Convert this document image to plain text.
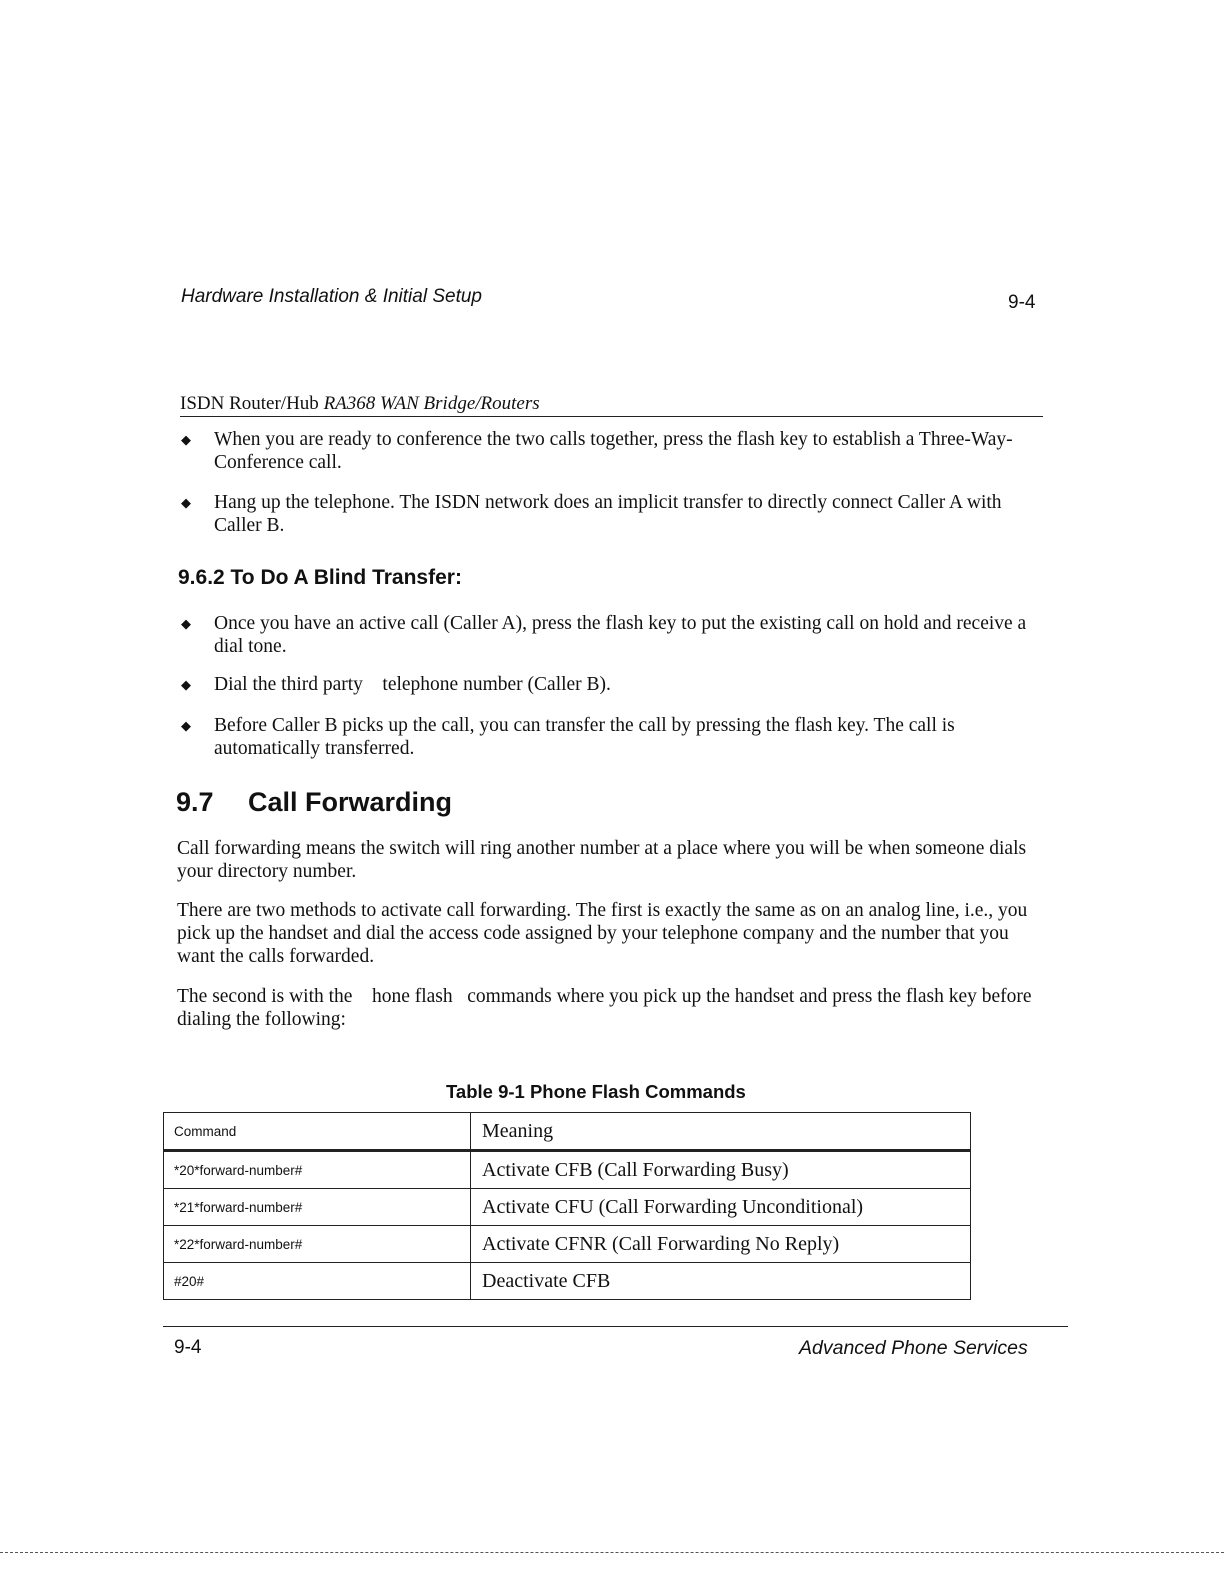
Hardware Installation & Initial Setup	9-4
ISDN Router/Hub RA368 WAN Bridge/Routers
◆	When you are ready to conference the two calls together, press the flash key to establish a Three-Way-Conference call.
◆	Hang up the telephone. The ISDN network does an implicit transfer to directly connect Caller A with Caller B.
9.6.2 To Do A Blind Transfer:
◆	Once you have an active call (Caller A), press the flash key to put the existing call on hold and receive a dial tone.
◆	Dial the third party    telephone number (Caller B).
◆	Before Caller B picks up the call, you can transfer the call by pressing the flash key. The call is automatically transferred.
9.7 Call Forwarding
Call forwarding means the switch will ring another number at a place where you will be when someone dials your directory number.
There are two methods to activate call forwarding. The first is exactly the same as on an analog line, i.e., you pick up the handset and dial the access code assigned by your telephone company and the number that you want the calls forwarded.
The second is with the    hone flash   commands where you pick up the handset and press the flash key before dialing the following:
Table 9-1 Phone Flash Commands
Command	Meaning
*20*forward-number#	Activate CFB (Call Forwarding Busy)
*21*forward-number#	Activate CFU (Call Forwarding Unconditional)
*22*forward-number#	Activate CFNR (Call Forwarding No Reply)
#20#	Deactivate CFB
9-4	Advanced Phone Services
